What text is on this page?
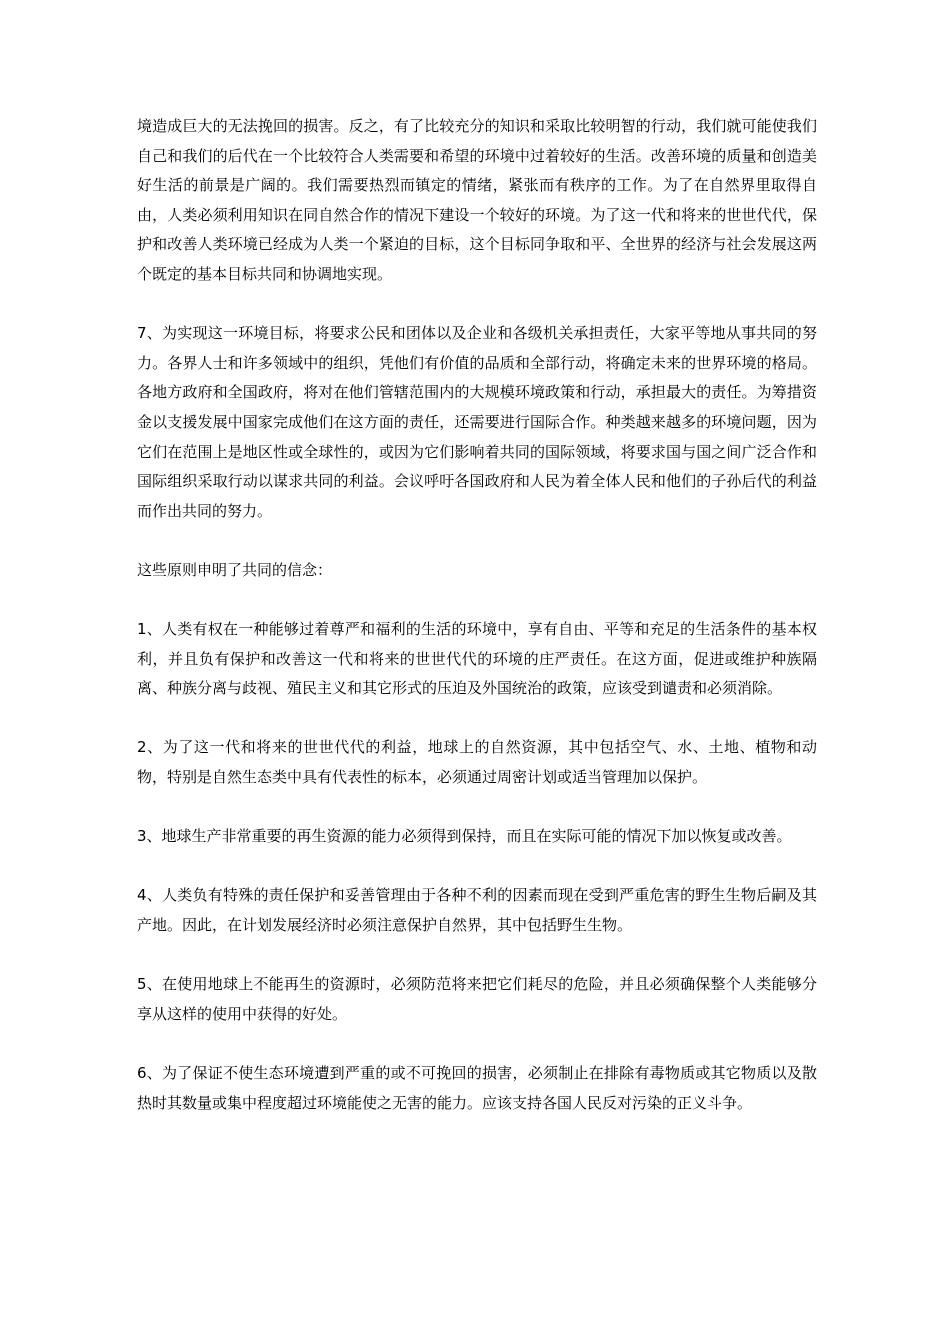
境造成巨大的无法挽回的损害。反之，有了比较充分的知识和采取比较明智的行动，我们就可能使我们自己和我们的后代在一个比较符合人类需要和希望的环境中过着较好的生活。改善环境的质量和创造美好生活的前景是广阔的。我们需要热烈而镇定的情绪，紧张而有秩序的工作。为了在自然界里取得自由，人类必须利用知识在同自然合作的情况下建设一个较好的环境。为了这一代和将来的世世代代，保护和改善人类环境已经成为人类一个紧迫的目标，这个目标同争取和平、全世界的经济与社会发展这两个既定的基本目标共同和协调地实现。

7、为实现这一环境目标，将要求公民和团体以及企业和各级机关承担责任，大家平等地从事共同的努力。各界人士和许多领域中的组织，凭他们有价值的品质和全部行动，将确定未来的世界环境的格局。各地方政府和全国政府，将对在他们管辖范围内的大规模环境政策和行动，承担最大的责任。为筹措资金以支援发展中国家完成他们在这方面的责任，还需要进行国际合作。种类越来越多的环境问题，因为它们在范围上是地区性或全球性的，或因为它们影响着共同的国际领域，将要求国与国之间广泛合作和国际组织采取行动以谋求共同的利益。会议呼吁各国政府和人民为着全体人民和他们的子孙后代的利益而作出共同的努力。

这些原则申明了共同的信念：

1、人类有权在一种能够过着尊严和福利的生活的环境中，享有自由、平等和充足的生活条件的基本权利，并且负有保护和改善这一代和将来的世世代代的环境的庄严责任。在这方面，促进或维护种族隔离、种族分离与歧视、殖民主义和其它形式的压迫及外国统治的政策，应该受到谴责和必须消除。

2、为了这一代和将来的世世代代的利益，地球上的自然资源，其中包括空气、水、土地、植物和动物，特别是自然生态类中具有代表性的标本，必须通过周密计划或适当管理加以保护。

3、地球生产非常重要的再生资源的能力必须得到保持，而且在实际可能的情况下加以恢复或改善。

4、人类负有特殊的责任保护和妥善管理由于各种不利的因素而现在受到严重危害的野生生物后嗣及其产地。因此，在计划发展经济时必须注意保护自然界，其中包括野生生物。

5、在使用地球上不能再生的资源时，必须防范将来把它们耗尽的危险，并且必须确保整个人类能够分享从这样的使用中获得的好处。

6、为了保证不使生态环境遭到严重的或不可挽回的损害，必须制止在排除有毒物质或其它物质以及散热时其数量或集中程度超过环境能使之无害的能力。应该支持各国人民反对污染的正义斗争。
